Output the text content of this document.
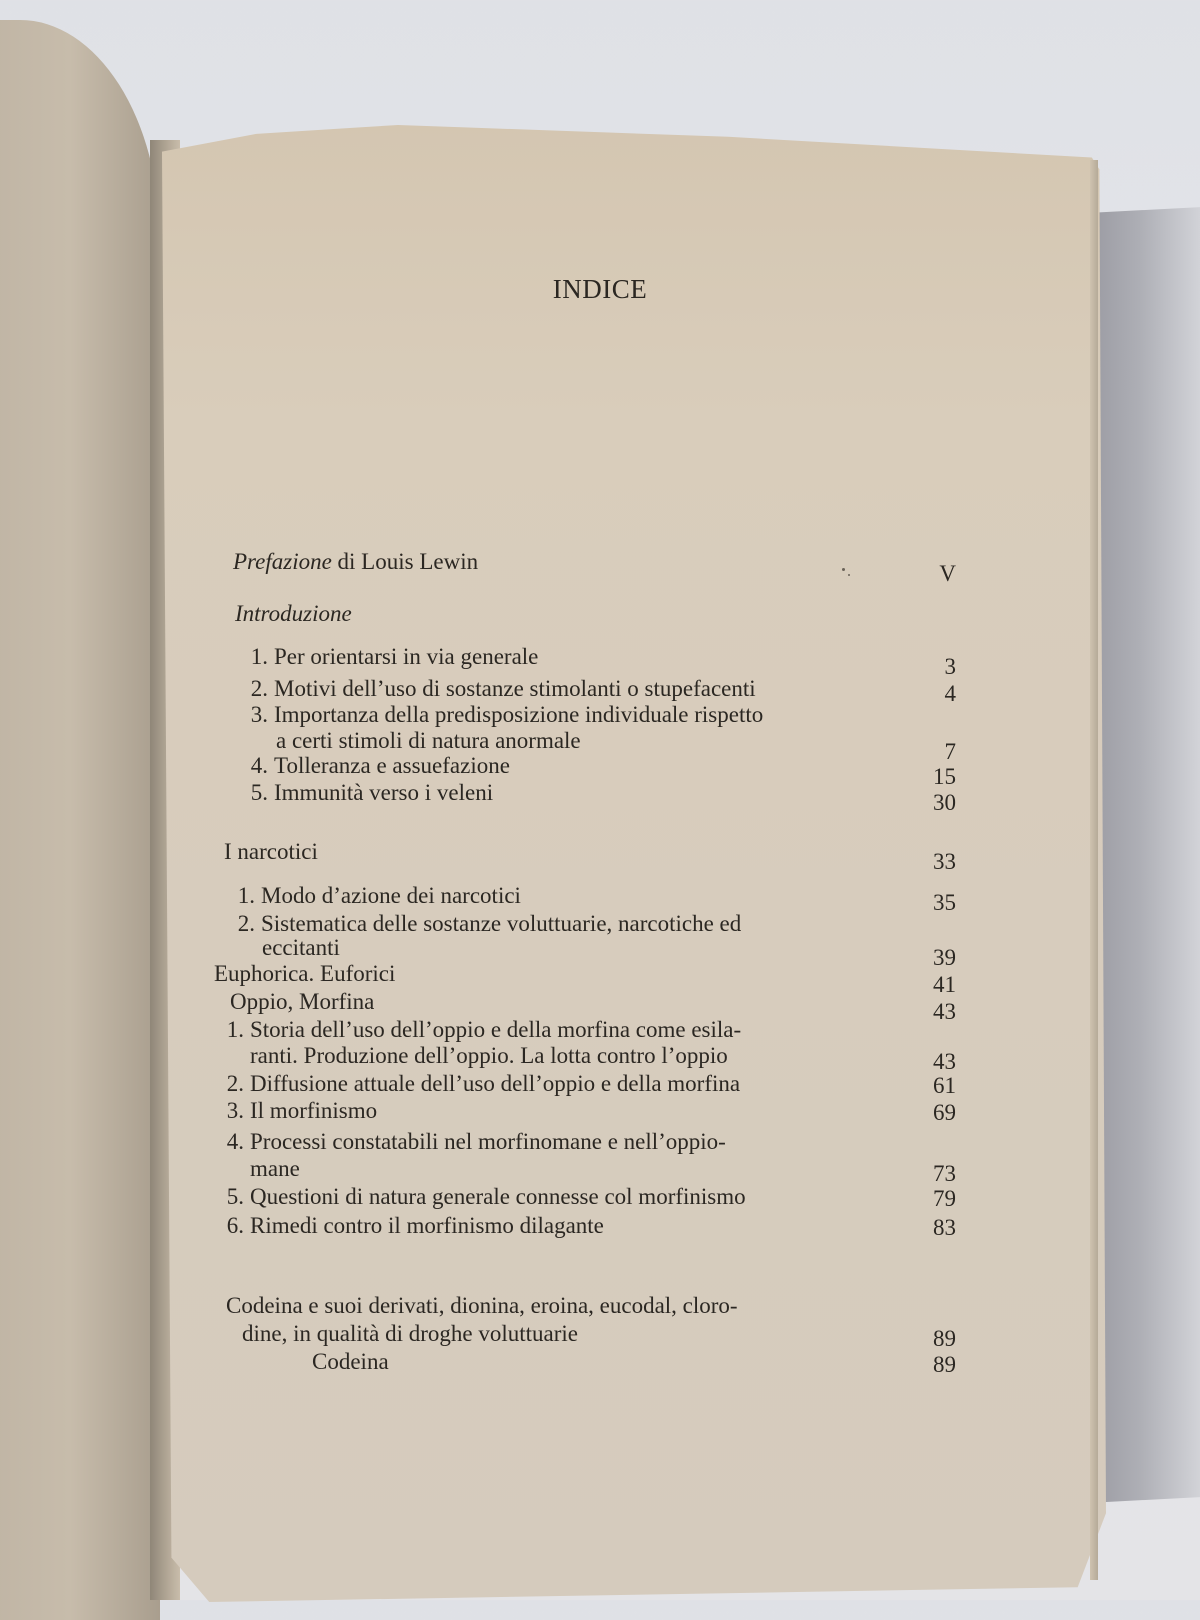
INDICE
Prefazione di Louis Lewin	V
Introduzione
1. Per orientarsi in via generale	3
2. Motivi dell’uso di sostanze stimolanti o stupefacenti	4
3. Importanza della predisposizione individuale rispetto
a certi stimoli di natura anormale	7
4. Tolleranza e assuefazione	15
5. Immunità verso i veleni	30
I narcotici	33
1. Modo d’azione dei narcotici	35
2. Sistematica delle sostanze voluttuarie, narcotiche ed
eccitanti	39
Euphorica. Euforici	41
Oppio, Morfina	43
1. Storia dell’uso dell’oppio e della morfina come esila-
ranti. Produzione dell’oppio. La lotta contro l’oppio	43
2. Diffusione attuale dell’uso dell’oppio e della morfina	61
3. Il morfinismo	69
4. Processi constatabili nel morfinomane e nell’oppio-
mane	73
5. Questioni di natura generale connesse col morfinismo	79
6. Rimedi contro il morfinismo dilagante	83
Codeina e suoi derivati, dionina, eroina, eucodal, cloro-
dine, in qualità di droghe voluttuarie	89
Codeina	89
